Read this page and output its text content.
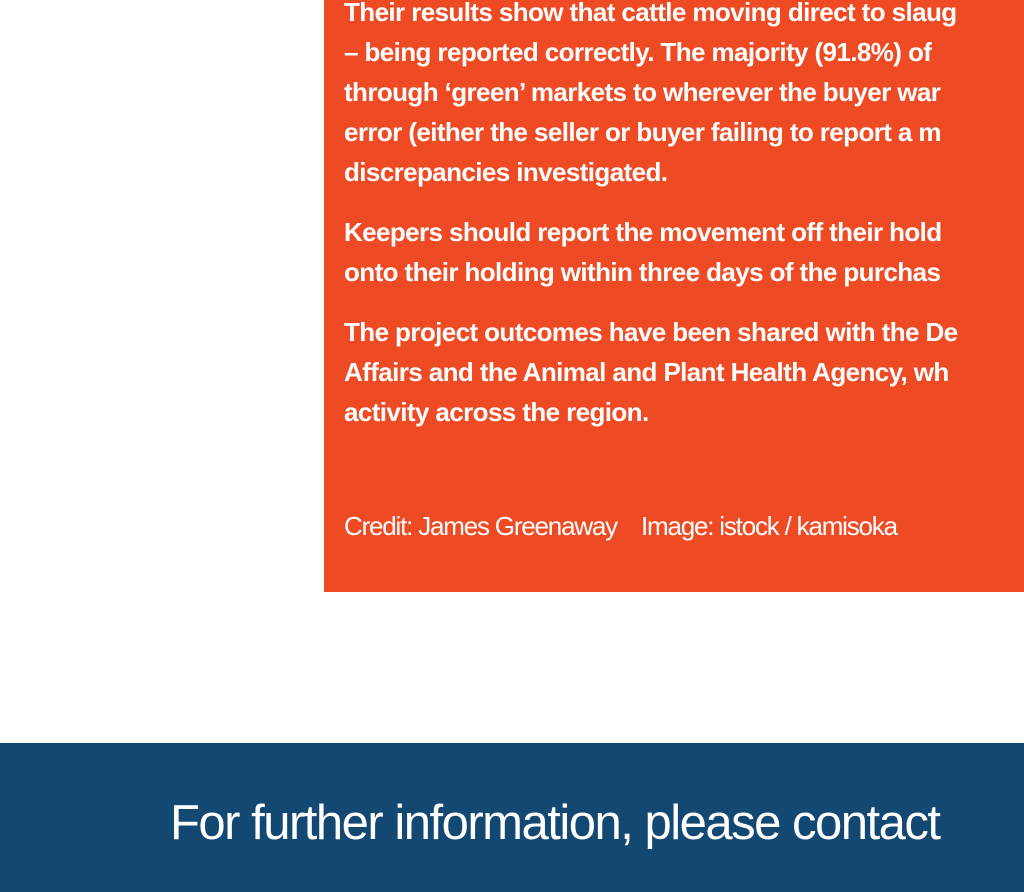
Their results show that cattle moving direct to slaug
– being reported correctly. The majority (91.8%) of
through ‘green’ markets to wherever the buyer war
error (either the seller or buyer failing to report a m
discrepancies investigated.

Keepers should report the movement off their hold
onto their holding within three days of the purchas

The project outcomes have been shared with the De
Affairs and the Animal and Plant Health Agency, wh
activity across the region.

Credit: James Greenaway Image: istock / kamisoka
For further information, please contact
